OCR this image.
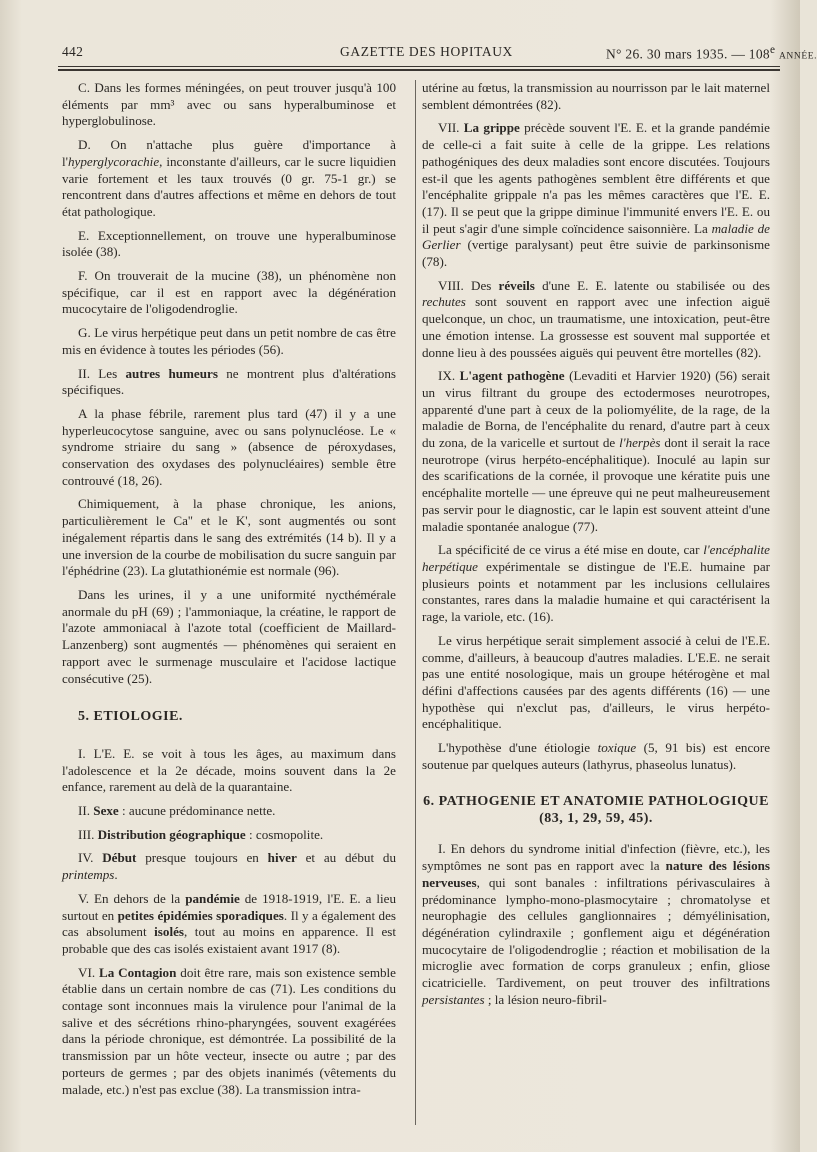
442	GAZETTE DES HOPITAUX	N° 26. 30 mars 1935. — 108e ANNÉE.

C. Dans les formes méningées, on peut trouver jusqu'à 100 éléments par mm³ avec ou sans hyperalbuminose et hyperglobulinose.

D. On n'attache plus guère d'importance à l'hyperglycorachie, inconstante d'ailleurs, car le sucre liquidien varie fortement et les taux trouvés (0 gr. 75-1 gr.) se rencontrent dans d'autres affections et même en dehors de tout état pathologique.

E. Exceptionnellement, on trouve une hyperalbuminose isolée (38).

F. On trouverait de la mucine (38), un phénomène non spécifique, car il est en rapport avec la dégénération mucocytaire de l'oligodendroglie.

G. Le virus herpétique peut dans un petit nombre de cas être mis en évidence à toutes les périodes (56).

II. Les autres humeurs ne montrent plus d'altérations spécifiques.

A la phase fébrile, rarement plus tard (47) il y a une hyperleucocytose sanguine, avec ou sans polynucléose. Le « syndrome striaire du sang » (absence de péroxydases, conservation des oxydases des polynucléaires) semble être controuvé (18, 26).

Chimiquement, à la phase chronique, les anions, particulièrement le Ca'' et le K', sont augmentés ou sont inégalement répartis dans le sang des extrémités (14 b). Il y a une inversion de la courbe de mobilisation du sucre sanguin par l'éphédrine (23). La glutathionémie est normale (96).

Dans les urines, il y a une uniformité nycthémérale anormale du pH (69) ; l'ammoniaque, la créatine, le rapport de l'azote ammoniacal à l'azote total (coefficient de Maillard-Lanzenberg) sont augmentés — phénomènes qui seraient en rapport avec le surmenage musculaire et l'acidose lactique consécutive (25).

5. ETIOLOGIE.

I. L'E. E. se voit à tous les âges, au maximum dans l'adolescence et la 2e décade, moins souvent dans la 2e enfance, rarement au delà de la quarantaine.

II. Sexe : aucune prédominance nette.

III. Distribution géographique : cosmopolite.

IV. Début presque toujours en hiver et au début du printemps.

V. En dehors de la pandémie de 1918-1919, l'E. E. a lieu surtout en petites épidémies sporadiques. Il y a également des cas absolument isolés, tout au moins en apparence. Il est probable que des cas isolés existaient avant 1917 (8).

VI. La Contagion doit être rare, mais son existence semble établie dans un certain nombre de cas (71). Les conditions du contage sont inconnues mais la virulence pour l'animal de la salive et des sécrétions rhino-pharyngées, souvent exagérées dans la période chronique, est démontrée. La possibilité de la transmission par un hôte vecteur, insecte ou autre ; par des porteurs de germes ; par des objets inanimés (vêtements du malade, etc.) n'est pas exclue (38). La transmission intra-

utérine au fœtus, la transmission au nourrisson par le lait maternel semblent démontrées (82).

VII. La grippe précède souvent l'E. E. et la grande pandémie de celle-ci a fait suite à celle de la grippe. Les relations pathogéniques des deux maladies sont encore discutées. Toujours est-il que les agents pathogènes semblent être différents et que l'encéphalite grippale n'a pas les mêmes caractères que l'E. E. (17). Il se peut que la grippe diminue l'immunité envers l'E. E. ou il peut s'agir d'une simple coïncidence saisonnière. La maladie de Gerlier (vertige paralysant) peut être suivie de parkinsonisme (78).

VIII. Des réveils d'une E. E. latente ou stabilisée ou des rechutes sont souvent en rapport avec une infection aiguë quelconque, un choc, un traumatisme, une intoxication, peut-être une émotion intense. La grossesse est souvent mal supportée et donne lieu à des poussées aiguës qui peuvent être mortelles (82).

IX. L'agent pathogène (Levaditi et Harvier 1920) (56) serait un virus filtrant du groupe des ectodermoses neurotropes, apparenté d'une part à ceux de la poliomyélite, de la rage, de la maladie de Borna, de l'encéphalite du renard, d'autre part à ceux du zona, de la varicelle et surtout de l'herpès dont il serait la race neurotrope (virus herpéto-encéphalitique). Inoculé au lapin sur des scarifications de la cornée, il provoque une kératite puis une encéphalite mortelle — une épreuve qui ne peut malheureusement pas servir pour le diagnostic, car le lapin est souvent atteint d'une maladie spontanée analogue (77).

La spécificité de ce virus a été mise en doute, car l'encéphalite herpétique expérimentale se distingue de l'E.E. humaine par plusieurs points et notamment par les inclusions cellulaires constantes, rares dans la maladie humaine et qui caractérisent la rage, la variole, etc. (16).

Le virus herpétique serait simplement associé à celui de l'E.E. comme, d'ailleurs, à beaucoup d'autres maladies. L'E.E. ne serait pas une entité nosologique, mais un groupe hétérogène et mal défini d'affections causées par des agents différents (16) — une hypothèse qui n'exclut pas, d'ailleurs, le virus herpéto-encéphalitique.

L'hypothèse d'une étiologie toxique (5, 91 bis) est encore soutenue par quelques auteurs (lathyrus, phaseolus lunatus).

6. PATHOGENIE ET ANATOMIE PATHOLOGIQUE (83, 1, 29, 59, 45).

I. En dehors du syndrome initial d'infection (fièvre, etc.), les symptômes ne sont pas en rapport avec la nature des lésions nerveuses, qui sont banales : infiltrations périvasculaires à prédominance lympho-mono-plasmocytaire ; chromatolyse et neurophagie des cellules ganglionnaires ; démyélinisation, dégénération cylindraxile ; gonflement aigu et dégénération mucocytaire de l'oligodendroglie ; réaction et mobilisation de la microglie avec formation de corps granuleux ; enfin, gliose cicatricielle. Tardivement, on peut trouver des infiltrations persistantes ; la lésion neuro-fibril-
